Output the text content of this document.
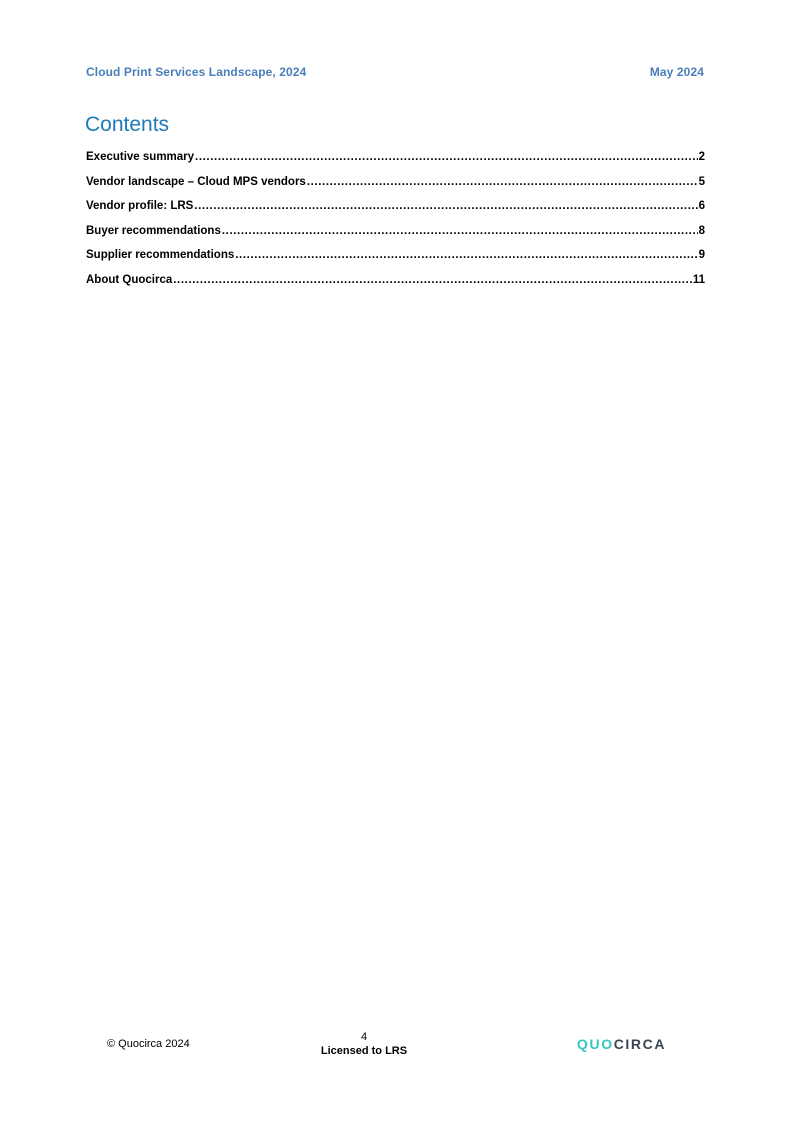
Cloud Print Services Landscape, 2024	May 2024
Contents
Executive summary .....	2
Vendor landscape – Cloud MPS vendors .....	5
Vendor profile: LRS .....	6
Buyer recommendations .....	8
Supplier recommendations .....	9
About Quocirca .....	11
© Quocirca 2024
4
Licensed to LRS	QUOCIRCA
